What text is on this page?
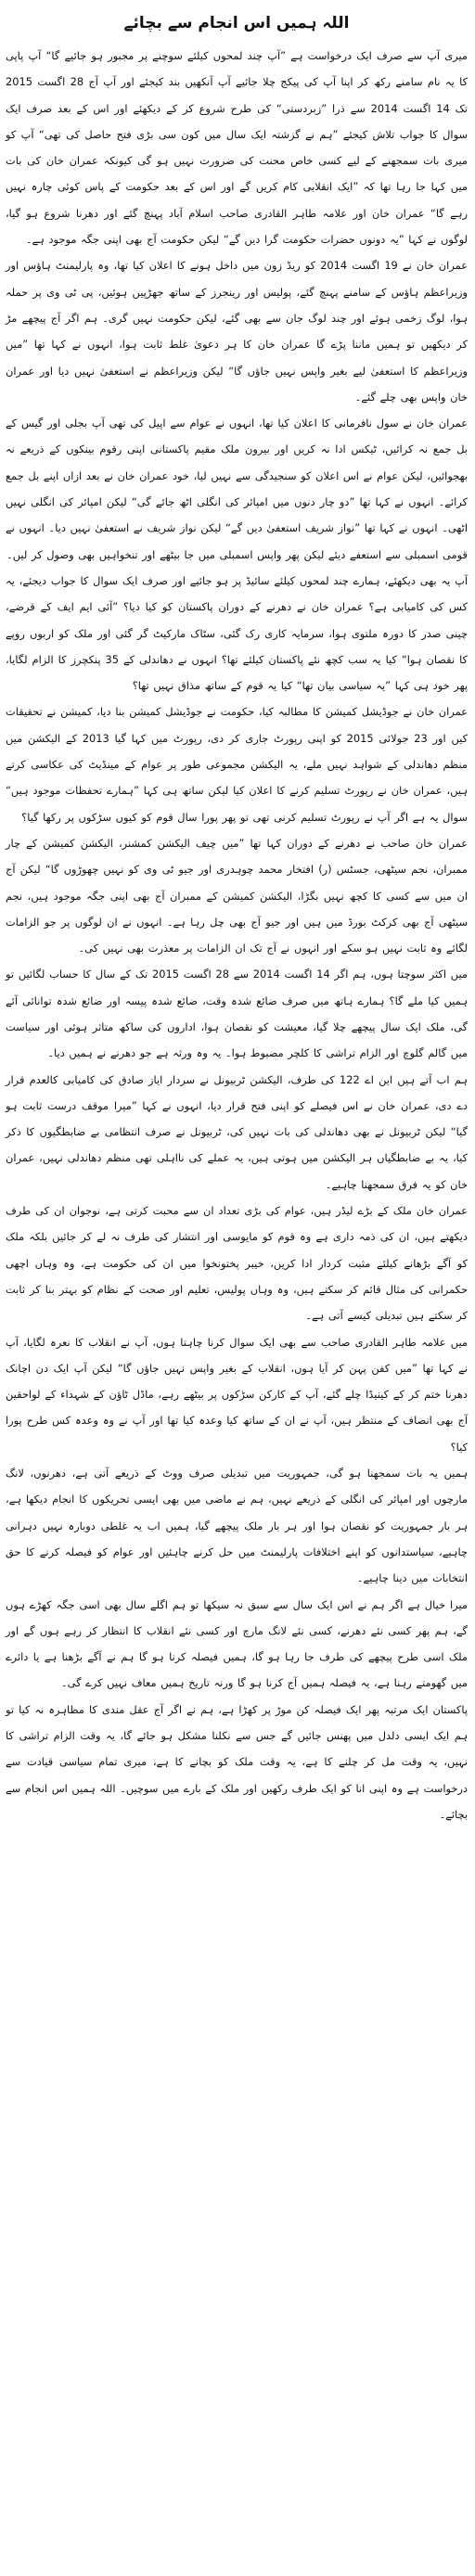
اللہ ہمیں اس انجام سے بچائے

میری آپ سے صرف ایک درخواست ہے ”آپ چند لمحوں کیلئے سوچنے پر مجبور ہو جائیے گا“ آپ پاپی کا یہ نام سامنے رکھ کر اپنا آپ کی پیکج چلا جائیے آپ آنکھیں بند کیجئے اور آپ آج 28 اگست 2015 تک 14 اگست 2014 سے ذرا ”زبردستی“ کی طرح شروع کر کے دیکھئے اور اس کے بعد صرف ایک سوال کا جواب تلاش کیجئے ”ہم نے گزشتہ ایک سال میں کون سی بڑی فتح حاصل کی تھی“ آپ کو میری بات سمجھنے کے لیے کسی خاص محنت کی ضرورت نہیں ہو گی کیونکہ عمران خان کی بات میں کہا جا رہا تھا کہ ”ایک انقلابی کام کریں گے اور اس کے بعد حکومت کے پاس کوئی چارہ نہیں رہے گا“ عمران خان اور علامہ طاہر القادری صاحب اسلام آباد پہنچ گئے اور دھرنا شروع ہو گیا، لوگوں نے کہا ”یہ دونوں حضرات حکومت گرا دیں گے“ لیکن حکومت آج بھی اپنی جگہ موجود ہے۔

عمران خان نے 19 اگست 2014 کو ریڈ زون میں داخل ہونے کا اعلان کیا تھا، وہ پارلیمنٹ ہاؤس اور وزیراعظم ہاؤس کے سامنے پہنچ گئے، پولیس اور رینجرز کے ساتھ جھڑپیں ہوئیں، پی ٹی وی پر حملہ ہوا، لوگ زخمی ہوئے اور چند لوگ جان سے بھی گئے، لیکن حکومت نہیں گری۔ ہم اگر آج پیچھے مڑ کر دیکھیں تو ہمیں ماننا پڑے گا عمران خان کا ہر دعویٰ غلط ثابت ہوا، انہوں نے کہا تھا ”میں وزیراعظم کا استعفیٰ لیے بغیر واپس نہیں جاؤں گا“ لیکن وزیراعظم نے استعفیٰ نہیں دیا اور عمران خان واپس بھی چلے گئے۔

عمران خان نے سول نافرمانی کا اعلان کیا تھا، انہوں نے عوام سے اپیل کی تھی آپ بجلی اور گیس کے بل جمع نہ کرائیں، ٹیکس ادا نہ کریں اور بیرون ملک مقیم پاکستانی اپنی رقوم بینکوں کے ذریعے نہ بھجوائیں، لیکن عوام نے اس اعلان کو سنجیدگی سے نہیں لیا، خود عمران خان نے بعد ازاں اپنے بل جمع کرائے۔ انہوں نے کہا تھا ”دو چار دنوں میں امپائر کی انگلی اٹھ جائے گی“ لیکن امپائر کی انگلی نہیں اٹھی۔ انہوں نے کہا تھا ”نواز شریف استعفیٰ دیں گے“ لیکن نواز شریف نے استعفیٰ نہیں دیا۔ انہوں نے قومی اسمبلی سے استعفے دیئے لیکن پھر واپس اسمبلی میں جا بیٹھے اور تنخواہیں بھی وصول کر لیں۔

آپ یہ بھی دیکھئے، ہمارے چند لمحوں کیلئے سائیڈ پر ہو جائیے اور صرف ایک سوال کا جواب دیجئے، یہ کس کی کامیابی ہے؟ عمران خان نے دھرنے کے دوران پاکستان کو کیا دیا؟ ”آئی ایم ایف کے قرضے، چینی صدر کا دورہ ملتوی ہوا، سرمایہ کاری رک گئی، سٹاک مارکیٹ گر گئی اور ملک کو اربوں روپے کا نقصان ہوا“ کیا یہ سب کچھ نئے پاکستان کیلئے تھا؟ انہوں نے دھاندلی کے 35 پنکچرز کا الزام لگایا، پھر خود ہی کہا ”یہ سیاسی بیان تھا“ کیا یہ قوم کے ساتھ مذاق نہیں تھا؟

عمران خان نے جوڈیشل کمیشن کا مطالبہ کیا، حکومت نے جوڈیشل کمیشن بنا دیا، کمیشن نے تحقیقات کیں اور 23 جولائی 2015 کو اپنی رپورٹ جاری کر دی، رپورٹ میں کہا گیا 2013 کے الیکشن میں منظم دھاندلی کے شواہد نہیں ملے، یہ الیکشن مجموعی طور پر عوام کے مینڈیٹ کی عکاسی کرتے ہیں، عمران خان نے رپورٹ تسلیم کرنے کا اعلان کیا لیکن ساتھ ہی کہا ”ہمارے تحفظات موجود ہیں“ سوال یہ ہے اگر آپ نے رپورٹ تسلیم کرنی تھی تو پھر پورا سال قوم کو کیوں سڑکوں پر رکھا گیا؟

عمران خان صاحب نے دھرنے کے دوران کہا تھا ”میں چیف الیکشن کمشنر، الیکشن کمیشن کے چار ممبران، نجم سیٹھی، جسٹس (ر) افتخار محمد چوہدری اور جیو ٹی وی کو نہیں چھوڑوں گا“ لیکن آج ان میں سے کسی کا کچھ نہیں بگڑا، الیکشن کمیشن کے ممبران آج بھی اپنی جگہ موجود ہیں، نجم سیٹھی آج بھی کرکٹ بورڈ میں ہیں اور جیو آج بھی چل رہا ہے۔ انہوں نے ان لوگوں پر جو الزامات لگائے وہ ثابت نہیں ہو سکے اور انہوں نے آج تک ان الزامات پر معذرت بھی نہیں کی۔

میں اکثر سوچتا ہوں، ہم اگر 14 اگست 2014 سے 28 اگست 2015 تک کے سال کا حساب لگائیں تو ہمیں کیا ملے گا؟ ہمارے ہاتھ میں صرف ضائع شدہ وقت، ضائع شدہ پیسہ اور ضائع شدہ توانائی آئے گی، ملک ایک سال پیچھے چلا گیا، معیشت کو نقصان ہوا، اداروں کی ساکھ متاثر ہوئی اور سیاست میں گالم گلوچ اور الزام تراشی کا کلچر مضبوط ہوا۔ یہ وہ ورثہ ہے جو دھرنے نے ہمیں دیا۔

ہم اب آتے ہیں این اے 122 کی طرف، الیکشن ٹربیونل نے سردار ایاز صادق کی کامیابی کالعدم قرار دے دی، عمران خان نے اس فیصلے کو اپنی فتح قرار دیا، انہوں نے کہا ”میرا موقف درست ثابت ہو گیا“ لیکن ٹربیونل نے بھی دھاندلی کی بات نہیں کی، ٹربیونل نے صرف انتظامی بے ضابطگیوں کا ذکر کیا، یہ بے ضابطگیاں ہر الیکشن میں ہوتی ہیں، یہ عملے کی نااہلی تھی منظم دھاندلی نہیں، عمران خان کو یہ فرق سمجھنا چاہیے۔

عمران خان ملک کے بڑے لیڈر ہیں، عوام کی بڑی تعداد ان سے محبت کرتی ہے، نوجوان ان کی طرف دیکھتے ہیں، ان کی ذمہ داری ہے وہ قوم کو مایوسی اور انتشار کی طرف نہ لے کر جائیں بلکہ ملک کو آگے بڑھانے کیلئے مثبت کردار ادا کریں، خیبر پختونخوا میں ان کی حکومت ہے، وہ وہاں اچھی حکمرانی کی مثال قائم کر سکتے ہیں، وہ وہاں پولیس، تعلیم اور صحت کے نظام کو بہتر بنا کر ثابت کر سکتے ہیں تبدیلی کیسے آتی ہے۔

میں علامہ طاہر القادری صاحب سے بھی ایک سوال کرنا چاہتا ہوں، آپ نے انقلاب کا نعرہ لگایا، آپ نے کہا تھا ”میں کفن پہن کر آیا ہوں، انقلاب کے بغیر واپس نہیں جاؤں گا“ لیکن آپ ایک دن اچانک دھرنا ختم کر کے کینیڈا چلے گئے، آپ کے کارکن سڑکوں پر بیٹھے رہے، ماڈل ٹاؤن کے شہداء کے لواحقین آج بھی انصاف کے منتظر ہیں، آپ نے ان کے ساتھ کیا وعدہ کیا تھا اور آپ نے وہ وعدہ کس طرح پورا کیا؟

ہمیں یہ بات سمجھنا ہو گی، جمہوریت میں تبدیلی صرف ووٹ کے ذریعے آتی ہے، دھرنوں، لانگ مارچوں اور امپائر کی انگلی کے ذریعے نہیں، ہم نے ماضی میں بھی ایسی تحریکوں کا انجام دیکھا ہے، ہر بار جمہوریت کو نقصان ہوا اور ہر بار ملک پیچھے گیا، ہمیں اب یہ غلطی دوبارہ نہیں دہرانی چاہیے، سیاستدانوں کو اپنے اختلافات پارلیمنٹ میں حل کرنے چاہئیں اور عوام کو فیصلہ کرنے کا حق انتخابات میں دینا چاہیے۔

میرا خیال ہے اگر ہم نے اس ایک سال سے سبق نہ سیکھا تو ہم اگلے سال بھی اسی جگہ کھڑے ہوں گے، ہم پھر کسی نئے دھرنے، کسی نئے لانگ مارچ اور کسی نئے انقلاب کا انتظار کر رہے ہوں گے اور ملک اسی طرح پیچھے کی طرف جا رہا ہو گا، ہمیں فیصلہ کرنا ہو گا ہم نے آگے بڑھنا ہے یا دائرے میں گھومتے رہنا ہے، یہ فیصلہ ہمیں آج کرنا ہو گا ورنہ تاریخ ہمیں معاف نہیں کرے گی۔

پاکستان ایک مرتبہ پھر ایک فیصلہ کن موڑ پر کھڑا ہے، ہم نے اگر آج عقل مندی کا مظاہرہ نہ کیا تو ہم ایک ایسی دلدل میں پھنس جائیں گے جس سے نکلنا مشکل ہو جائے گا، یہ وقت الزام تراشی کا نہیں، یہ وقت مل کر چلنے کا ہے، یہ وقت ملک کو بچانے کا ہے، میری تمام سیاسی قیادت سے درخواست ہے وہ اپنی انا کو ایک طرف رکھیں اور ملک کے بارے میں سوچیں۔ اللہ ہمیں اس انجام سے بچائے۔
